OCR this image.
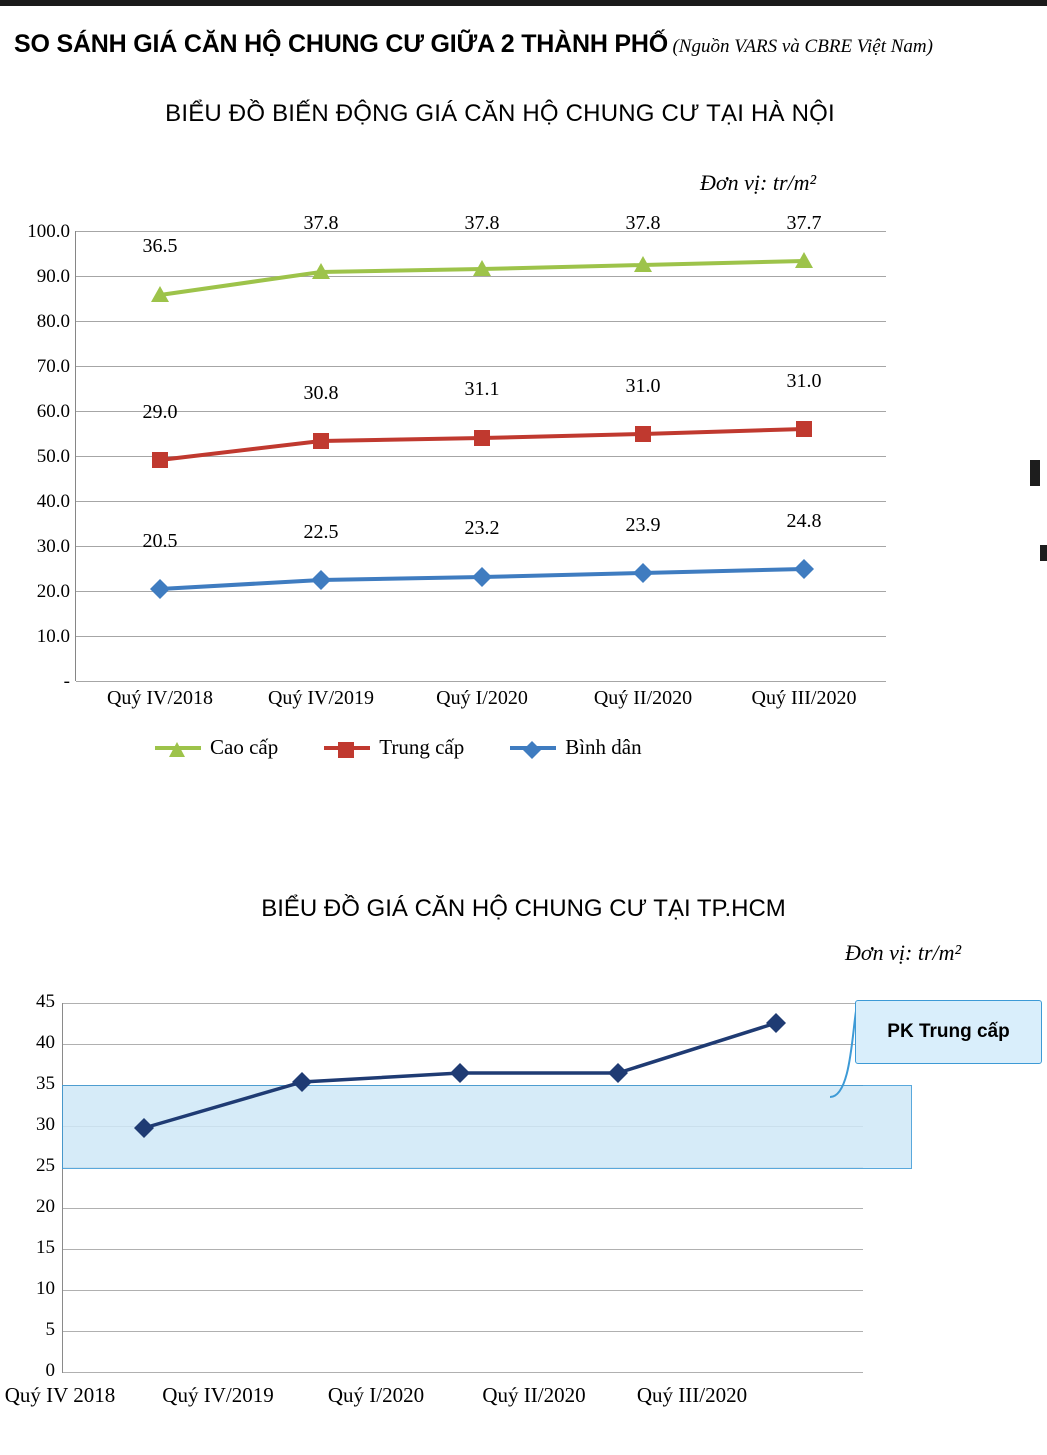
SO SÁNH GIÁ CĂN HỘ CHUNG CƯ GIỮA 2 THÀNH PHỐ (Nguồn VARS và CBRE Việt Nam)
BIỂU ĐỒ BIẾN ĐỘNG GIÁ CĂN HỘ CHUNG CƯ TẠI HÀ NỘI
Đơn vị: tr/m²
100.0
90.0
80.0
70.0
60.0
50.0
40.0
30.0
20.0
10.0
-
36.5
37.8	37.8	37.8	37.7
29.0
30.8	31.1	31.0	31.0
20.5	22.5	23.2	23.9	24.8
Quý IV/2018	Quý IV/2019	Quý I/2020	Quý II/2020	Quý III/2020
Cao cấp	Trung cấp	Bình dân
BIỂU ĐỒ GIÁ CĂN HỘ CHUNG CƯ TẠI TP.HCM
Đơn vị: tr/m²
45
40
35
30
25
20
15
10
5
0
PK Trung cấp
Quý IV 2018	Quý IV/2019	Quý I/2020	Quý II/2020	Quý III/2020
